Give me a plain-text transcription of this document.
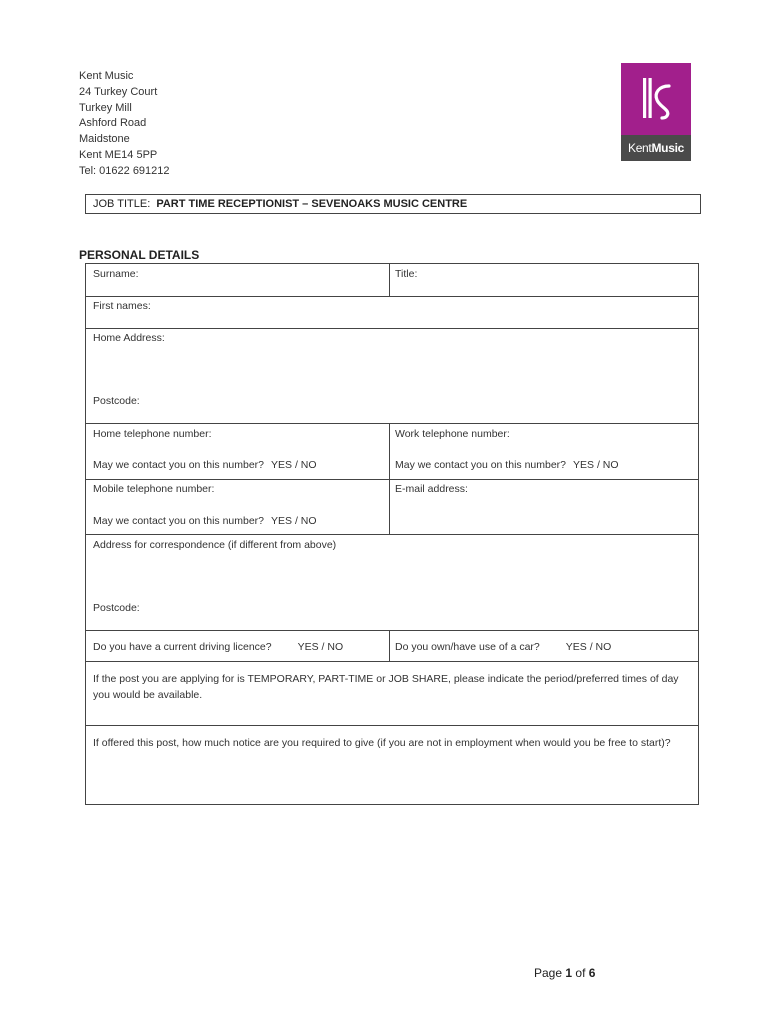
Kent Music
24 Turkey Court
Turkey Mill
Ashford Road
Maidstone
Kent ME14 5PP
Tel: 01622 691212
KentMusic
JOB TITLE: PART TIME RECEPTIONIST – SEVENOAKS MUSIC CENTRE
PERSONAL DETAILS
Surname:	Title:
First names:
Home Address:
Postcode:
Home telephone number:
May we contact you on this number? YES / NO
Work telephone number:
May we contact you on this number? YES / NO
Mobile telephone number:
May we contact you on this number? YES / NO
E-mail address:
Address for correspondence (if different from above)
Postcode:
Do you have a current driving licence? YES / NO	Do you own/have use of a car? YES / NO
If the post you are applying for is TEMPORARY, PART-TIME or JOB SHARE, please indicate the period/preferred times of day you would be available.
If offered this post, how much notice are you required to give (if you are not in employment when would you be free to start)?
Page 1 of 6
